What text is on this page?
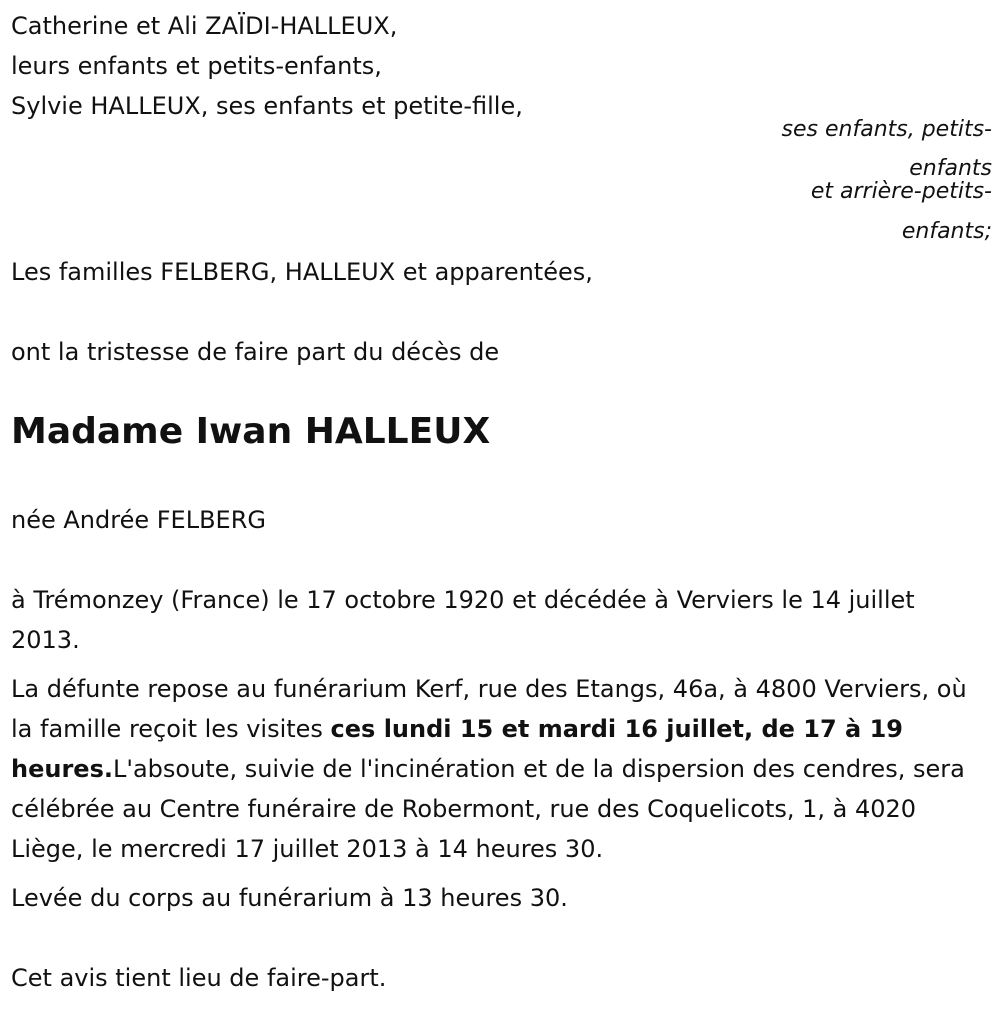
Catherine et Ali ZAÏDI-HALLEUX,

leurs enfants et petits-enfants,

Sylvie HALLEUX, ses enfants et petite-fille,

ses enfants, petits-
enfants
et arrière-petits-
enfants;

Les familles FELBERG, HALLEUX et apparentées,

ont la tristesse de faire part du décès de

Madame Iwan HALLEUX

née Andrée FELBERG

à Trémonzey (France) le 17 octobre 1920 et décédée à Verviers le 14 juillet 2013.

La défunte repose au funérarium Kerf, rue des Etangs, 46a, à 4800 Verviers, où la famille reçoit les visites ces lundi 15 et mardi 16 juillet, de 17 à 19 heures.L'absoute, suivie de l'incinération et de la dispersion des cendres, sera célébrée au Centre funéraire de Robermont, rue des Coquelicots, 1, à 4020 Liège, le mercredi 17 juillet 2013 à 14 heures 30.

Levée du corps au funérarium à 13 heures 30.

Cet avis tient lieu de faire-part.
